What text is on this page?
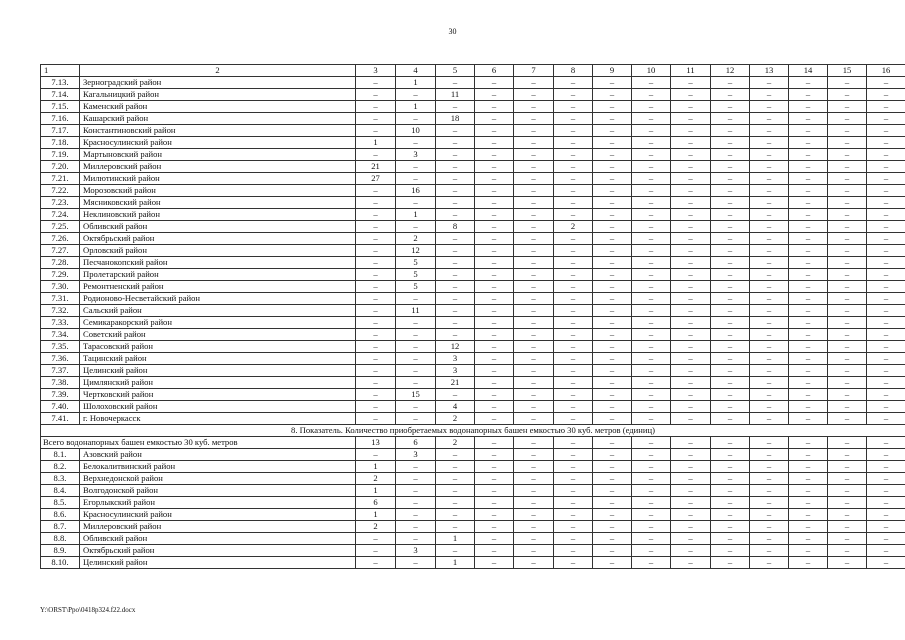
30
1	2	3	4	5	6	7	8	9	10	11	12	13	14	15	16
7.13.	Зерноградский район	–	1	–	–	–	–	–	–	–	–	–	–	–	–
7.14.	Кагальницкий район	–	–	11	–	–	–	–	–	–	–	–	–	–	–
7.15.	Каменский район	–	1	–	–	–	–	–	–	–	–	–	–	–	–
7.16.	Кашарский район	–	–	18	–	–	–	–	–	–	–	–	–	–	–
7.17.	Константиновский район	–	10	–	–	–	–	–	–	–	–	–	–	–	–
7.18.	Красносулинский район	1	–	–	–	–	–	–	–	–	–	–	–	–	–
7.19.	Мартыновский район	–	3	–	–	–	–	–	–	–	–	–	–	–	–
7.20.	Миллеровский район	21	–	–	–	–	–	–	–	–	–	–	–	–	–
7.21.	Милютинский район	27	–	–	–	–	–	–	–	–	–	–	–	–	–
7.22.	Морозовский район	–	16	–	–	–	–	–	–	–	–	–	–	–	–
7.23.	Мясниковский район	–	–	–	–	–	–	–	–	–	–	–	–	–	–
7.24.	Неклиновский район	–	1	–	–	–	–	–	–	–	–	–	–	–	–
7.25.	Обливский район	–	–	8	–	–	2	–	–	–	–	–	–	–	–
7.26.	Октябрьский район	–	2	–	–	–	–	–	–	–	–	–	–	–	–
7.27.	Орловский район	–	12	–	–	–	–	–	–	–	–	–	–	–	–
7.28.	Песчанокопский район	–	5	–	–	–	–	–	–	–	–	–	–	–	–
7.29.	Пролетарский район	–	5	–	–	–	–	–	–	–	–	–	–	–	–
7.30.	Ремонтненский район	–	5	–	–	–	–	–	–	–	–	–	–	–	–
7.31.	Родионово-Несветайский район	–	–	–	–	–	–	–	–	–	–	–	–	–	–
7.32.	Сальский район	–	11	–	–	–	–	–	–	–	–	–	–	–	–
7.33.	Семикаракорский район	–	–	–	–	–	–	–	–	–	–	–	–	–	–
7.34.	Советский район	–	–	–	–	–	–	–	–	–	–	–	–	–	–
7.35.	Тарасовский район	–	–	12	–	–	–	–	–	–	–	–	–	–	–
7.36.	Тацинский район	–	–	3	–	–	–	–	–	–	–	–	–	–	–
7.37.	Целинский район	–	–	3	–	–	–	–	–	–	–	–	–	–	–
7.38.	Цимлянский район	–	–	21	–	–	–	–	–	–	–	–	–	–	–
7.39.	Чертковский район	–	15	–	–	–	–	–	–	–	–	–	–	–	–
7.40.	Шолоховский район	–	–	4	–	–	–	–	–	–	–	–	–	–	–
7.41.	г. Новочеркасск	–	–	2	–	–	–	–	–	–	–	–	–	–	–
8. Показатель. Количество приобретаемых водонапорных башен емкостью 30 куб. метров (единиц)															
Всего водонапорных башен емкостью 30 куб. метров		13	6	2	–	–	–	–	–	–	–	–	–	–	–
8.1.	Азовский район	–	3	–	–	–	–	–	–	–	–	–	–	–	–
8.2.	Белокалитвинский район	1	–	–	–	–	–	–	–	–	–	–	–	–	–
8.3.	Верхнедонской район	2	–	–	–	–	–	–	–	–	–	–	–	–	–
8.4.	Волгодонской район	1	–	–	–	–	–	–	–	–	–	–	–	–	–
8.5.	Егорлыкский район	6	–	–	–	–	–	–	–	–	–	–	–	–	–
8.6.	Красносулинский район	1	–	–	–	–	–	–	–	–	–	–	–	–	–
8.7.	Миллеровский район	2	–	–	–	–	–	–	–	–	–	–	–	–	–
8.8.	Обливский район	–	–	1	–	–	–	–	–	–	–	–	–	–	–
8.9.	Октябрьский район	–	3	–	–	–	–	–	–	–	–	–	–	–	–
8.10.	Целинский район	–	–	1	–	–	–	–	–	–	–	–	–	–	–
Y:\ORST\Ppo\0418p324.f22.docx
